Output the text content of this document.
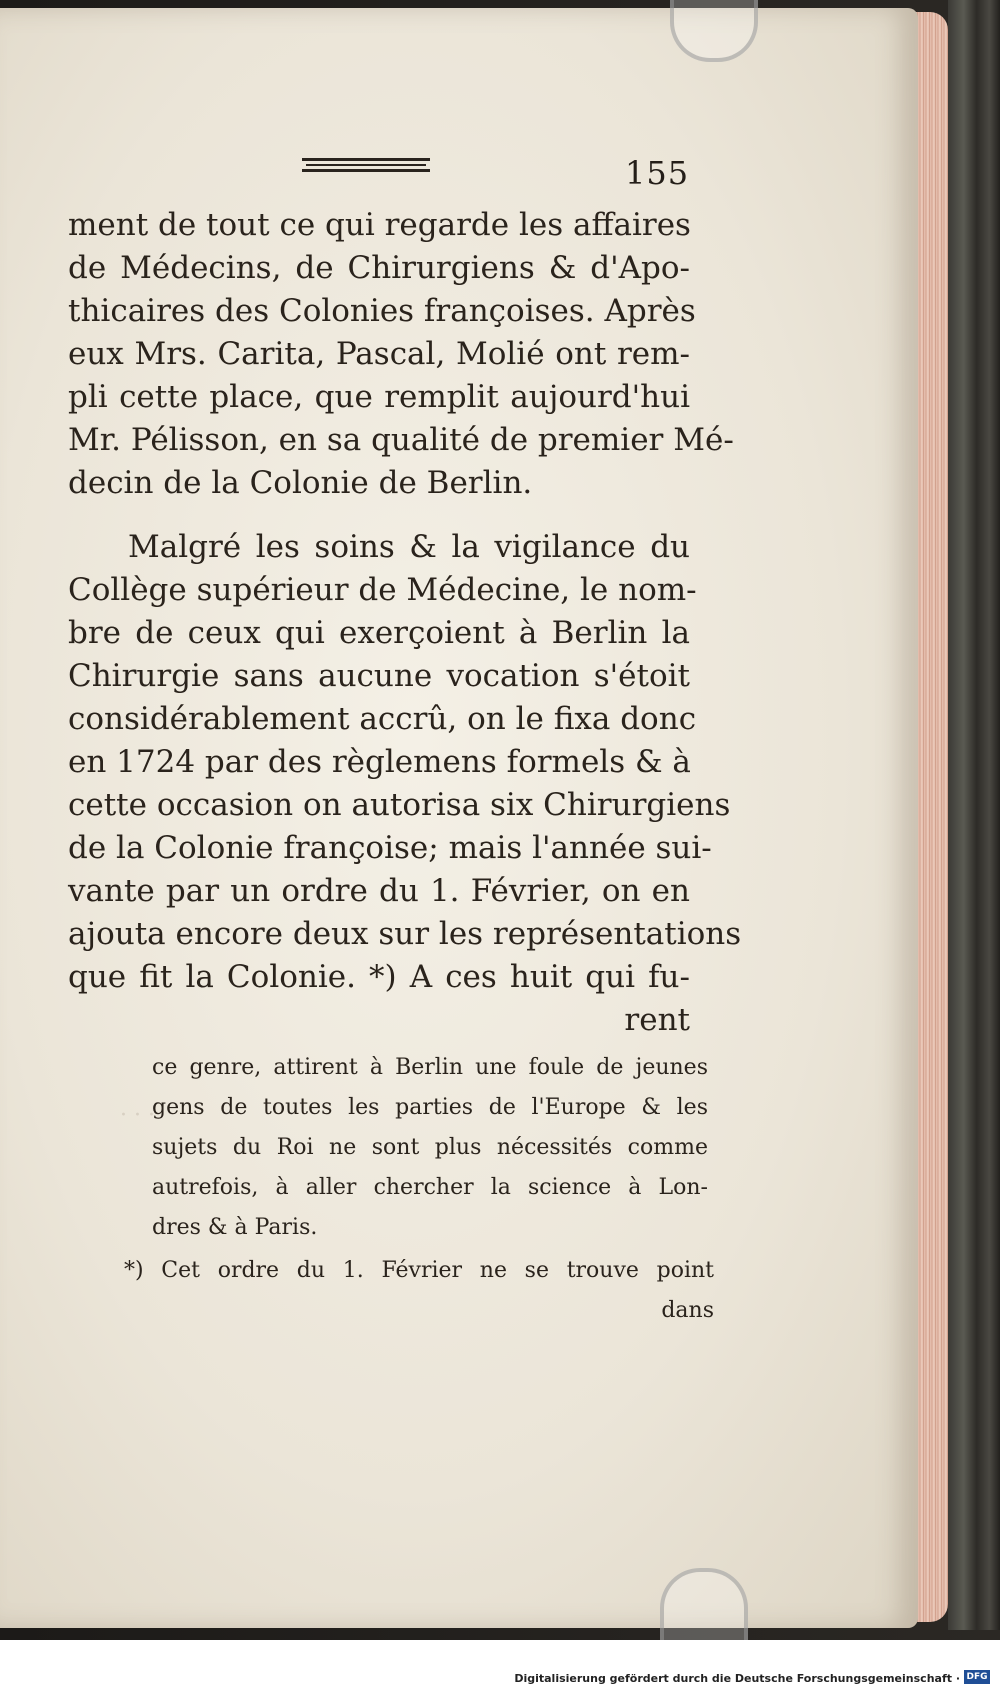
155
· · ·
ment de tout ce qui regarde les affaires
de Médecins, de Chirurgiens & d'Apo-
thicaires des Colonies françoises. Après
eux Mrs. Carita, Pascal, Molié ont rem-
pli cette place, que remplit aujourd'hui
Mr. Pélisson, en sa qualité de premier Mé-
decin de la Colonie de Berlin.
Malgré les soins & la vigilance du
Collège supérieur de Médecine, le nom-
bre de ceux qui exerçoient à Berlin la
Chirurgie sans aucune vocation s'étoit
considérablement accrû, on le fixa donc
en 1724 par des règlemens formels & à
cette occasion on autorisa six Chirurgiens
de la Colonie françoise; mais l'année sui-
vante par un ordre du 1. Février, on en
ajouta encore deux sur les représentations
que fit la Colonie. *) A ces huit qui fu-
rent
ce genre, attirent à Berlin une foule de jeunes
gens de toutes les parties de l'Europe & les
sujets du Roi ne sont plus nécessités comme
autrefois, à aller chercher la science à Lon-
dres & à Paris.
*) Cet ordre du 1. Février ne se trouve point
dans
Digitalisierung gefördert durch die Deutsche Forschungsgemeinschaft · DFG
